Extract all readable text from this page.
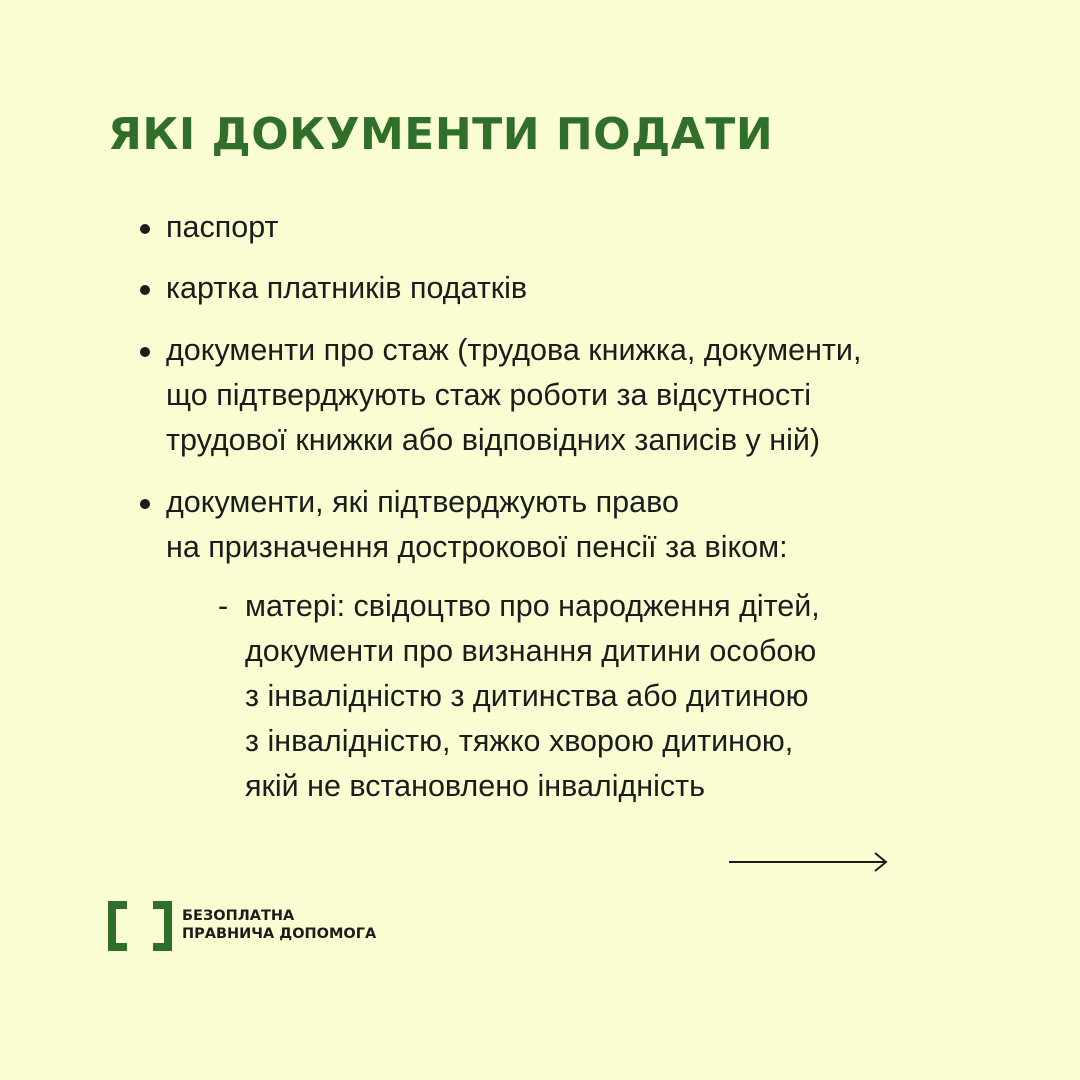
ЯКІ ДОКУМЕНТИ ПОДАТИ
паспорт
картка платників податків
документи про стаж (трудова книжка, документи,
що підтверджують стаж роботи за відсутності
трудової книжки або відповідних записів у ній)
документи, які підтверджують право
на призначення дострокової пенсії за віком:
- матері: свідоцтво про народження дітей,
документи про визнання дитини особою
з інвалідністю з дитинства або дитиною
з інвалідністю, тяжко хворою дитиною,
якій не встановлено інвалідність
БЕЗОПЛАТНА
ПРАВНИЧА ДОПОМОГА
